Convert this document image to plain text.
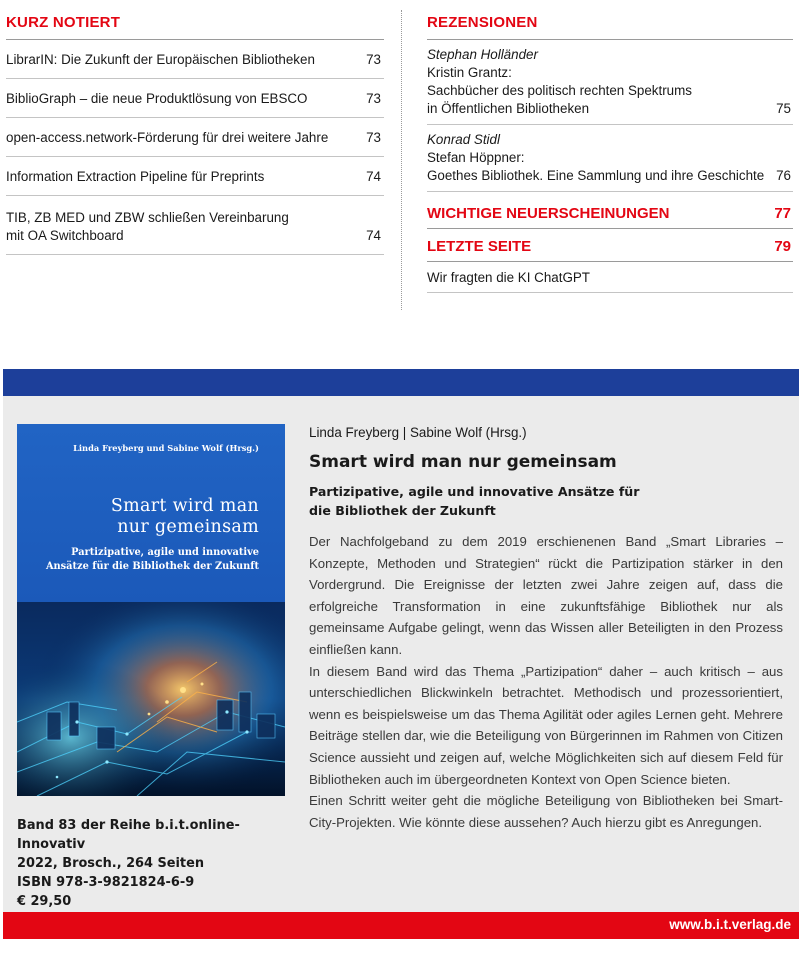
KURZ NOTIERT
LibrarIN: Die Zukunft der Europäischen Bibliotheken	73
BiblioGraph – die neue Produktlösung von EBSCO	73
open-access.network-Förderung für drei weitere Jahre	73
Information Extraction Pipeline für Preprints	74
TIB, ZB MED und ZBW schließen Vereinbarung
mit OA Switchboard	74
REZENSIONEN
Stephan Holländer
Kristin Grantz:
Sachbücher des politisch rechten Spektrums
in Öffentlichen Bibliotheken	75
Konrad Stidl
Stefan Höppner:
Goethes Bibliothek. Eine Sammlung und ihre Geschichte 76
WICHTIGE NEUERSCHEINUNGEN	77
LETZTE SEITE	79
Wir fragten die KI ChatGPT
Linda Freyberg und Sabine Wolf (Hrsg.)
Smart wird man
nur gemeinsam
Partizipative, agile und innovative
Ansätze für die Bibliothek der Zukunft
Band 83 der Reihe b.i.t.online-Innovativ
2022, Brosch., 264 Seiten
ISBN 978-3-9821824-6-9
€ 29,50
Linda Freyberg | Sabine Wolf (Hrsg.)
Smart wird man nur gemeinsam
Partizipative, agile und innovative Ansätze für
die Bibliothek der Zukunft

Der Nachfolgeband zu dem 2019 erschienenen Band „Smart Libraries – Konzepte, Methoden und Strategien“ rückt die Partizipation stärker in den Vordergrund. Die Ereignisse der letzten zwei Jahre zeigen auf, dass die erfolgreiche Transformation in eine zukunftsfähige Bibliothek nur als gemeinsame Aufgabe gelingt, wenn das Wissen aller Beteiligten in den Prozess einfließen kann.

In diesem Band wird das Thema „Partizipation“ daher – auch kritisch – aus unterschiedlichen Blickwinkeln betrachtet. Methodisch und prozessorientiert, wenn es beispielsweise um das Thema Agilität oder agiles Lernen geht. Mehrere Beiträge stellen dar, wie die Beteiligung von Bürgerinnen im Rahmen von Citizen Science aussieht und zeigen auf, welche Möglichkeiten sich auf diesem Feld für Bibliotheken auch im übergeordneten Kontext von Open Science bieten.

Einen Schritt weiter geht die mögliche Beteiligung von Bibliotheken bei Smart-City-Projekten. Wie könnte diese aussehen? Auch hierzu gibt es Anregungen.

www.b.i.t.verlag.de
